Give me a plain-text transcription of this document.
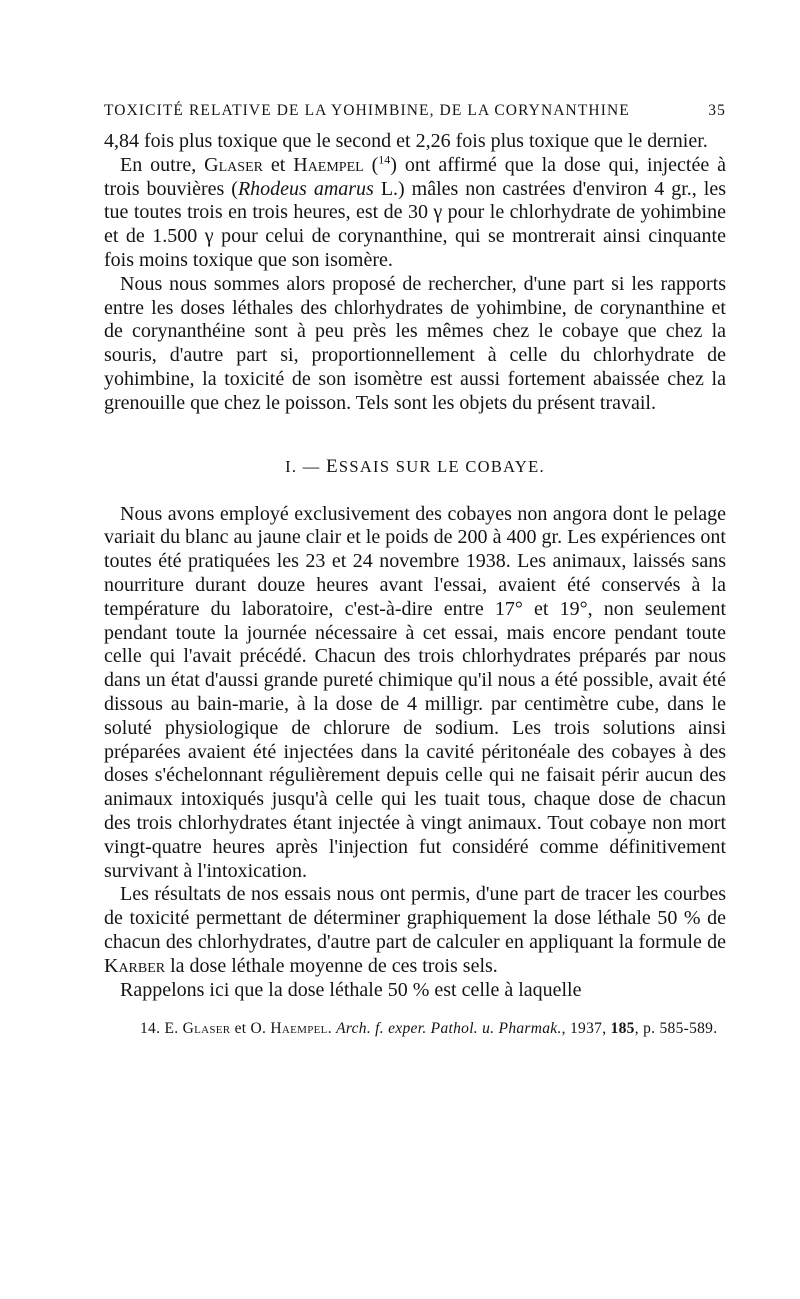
TOXICITÉ RELATIVE DE LA YOHIMBINE, DE LA CORYNANTHINE	35

4,84 fois plus toxique que le second et 2,26 fois plus toxique que le dernier.

En outre, Glaser et Haempel ($^{14}$) ont affirmé que la dose qui, injectée à trois bouvières (Rhodeus amarus L.) mâles non castrées d'environ 4 gr., les tue toutes trois en trois heures, est de 30 γ pour le chlorhydrate de yohimbine et de 1.500 γ pour celui de corynanthine, qui se montrerait ainsi cinquante fois moins toxique que son isomère.

Nous nous sommes alors proposé de rechercher, d'une part si les rapports entre les doses léthales des chlorhydrates de yohimbine, de corynanthine et de corynanthéine sont à peu près les mêmes chez le cobaye que chez la souris, d'autre part si, proportionnellement à celle du chlorhydrate de yohimbine, la toxicité de son isomètre est aussi fortement abaissée chez la grenouille que chez le poisson. Tels sont les objets du présent travail.

I. — ESSAIS SUR LE COBAYE.

Nous avons employé exclusivement des cobayes non angora dont le pelage variait du blanc au jaune clair et le poids de 200 à 400 gr. Les expériences ont toutes été pratiquées les 23 et 24 novembre 1938. Les animaux, laissés sans nourriture durant douze heures avant l'essai, avaient été conservés à la température du laboratoire, c'est-à-dire entre 17° et 19°, non seulement pendant toute la journée nécessaire à cet essai, mais encore pendant toute celle qui l'avait précédé. Chacun des trois chlorhydrates préparés par nous dans un état d'aussi grande pureté chimique qu'il nous a été possible, avait été dissous au bain-marie, à la dose de 4 milligr. par centimètre cube, dans le soluté physiologique de chlorure de sodium. Les trois solutions ainsi préparées avaient été injectées dans la cavité péritonéale des cobayes à des doses s'échelonnant régulièrement depuis celle qui ne faisait périr aucun des animaux intoxiqués jusqu'à celle qui les tuait tous, chaque dose de chacun des trois chlorhydrates étant injectée à vingt animaux. Tout cobaye non mort vingt-quatre heures après l'injection fut considéré comme définitivement survivant à l'intoxication.

Les résultats de nos essais nous ont permis, d'une part de tracer les courbes de toxicité permettant de déterminer graphiquement la dose léthale 50 % de chacun des chlorhydrates, d'autre part de calculer en appliquant la formule de Karber la dose léthale moyenne de ces trois sels.

Rappelons ici que la dose léthale 50 % est celle à laquelle

14. E. Glaser et O. Haempel. Arch. f. exper. Pathol. u. Pharmak., 1937, 185, p. 585-589.
